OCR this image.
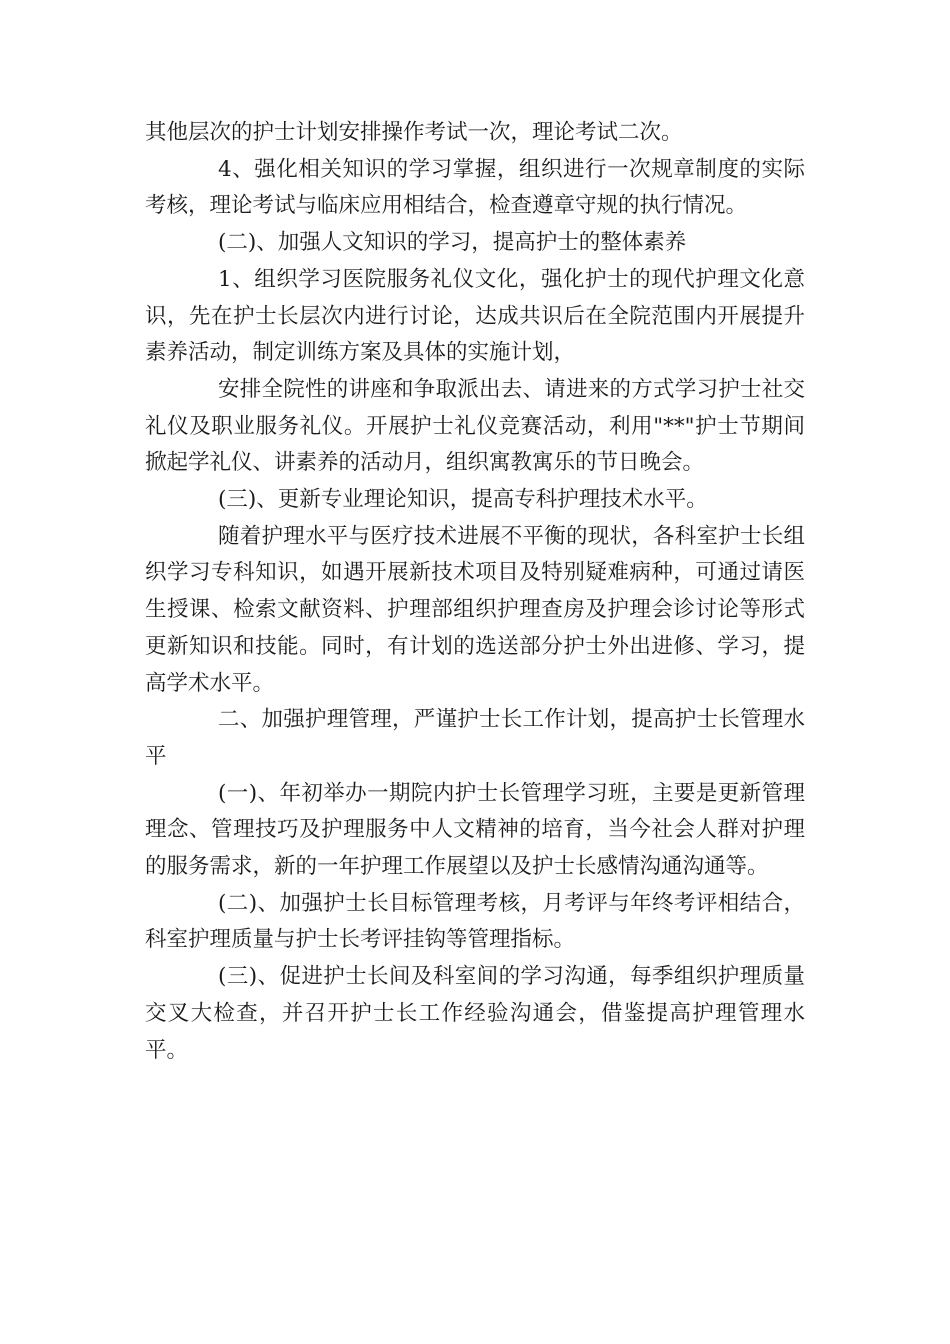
其他层次的护士计划安排操作考试一次，理论考试二次。

4、强化相关知识的学习掌握，组织进行一次规章制度的实际考核，理论考试与临床应用相结合，检查遵章守规的执行情况。

(二)、加强人文知识的学习，提高护士的整体素养

1、组织学习医院服务礼仪文化，强化护士的现代护理文化意识，先在护士长层次内进行讨论，达成共识后在全院范围内开展提升素养活动，制定训练方案及具体的实施计划，

安排全院性的讲座和争取派出去、请进来的方式学习护士社交礼仪及职业服务礼仪。开展护士礼仪竞赛活动，利用"**"护士节期间掀起学礼仪、讲素养的活动月，组织寓教寓乐的节日晚会。

(三)、更新专业理论知识，提高专科护理技术水平。

随着护理水平与医疗技术进展不平衡的现状，各科室护士长组织学习专科知识，如遇开展新技术项目及特别疑难病种，可通过请医生授课、检索文献资料、护理部组织护理查房及护理会诊讨论等形式更新知识和技能。同时，有计划的选送部分护士外出进修、学习，提高学术水平。

二、加强护理管理，严谨护士长工作计划，提高护士长管理水平

(一)、年初举办一期院内护士长管理学习班，主要是更新管理理念、管理技巧及护理服务中人文精神的培育，当今社会人群对护理的服务需求，新的一年护理工作展望以及护士长感情沟通沟通等。

(二)、加强护士长目标管理考核，月考评与年终考评相结合，科室护理质量与护士长考评挂钩等管理指标。

(三)、促进护士长间及科室间的学习沟通，每季组织护理质量交叉大检查，并召开护士长工作经验沟通会，借鉴提高护理管理水平。
